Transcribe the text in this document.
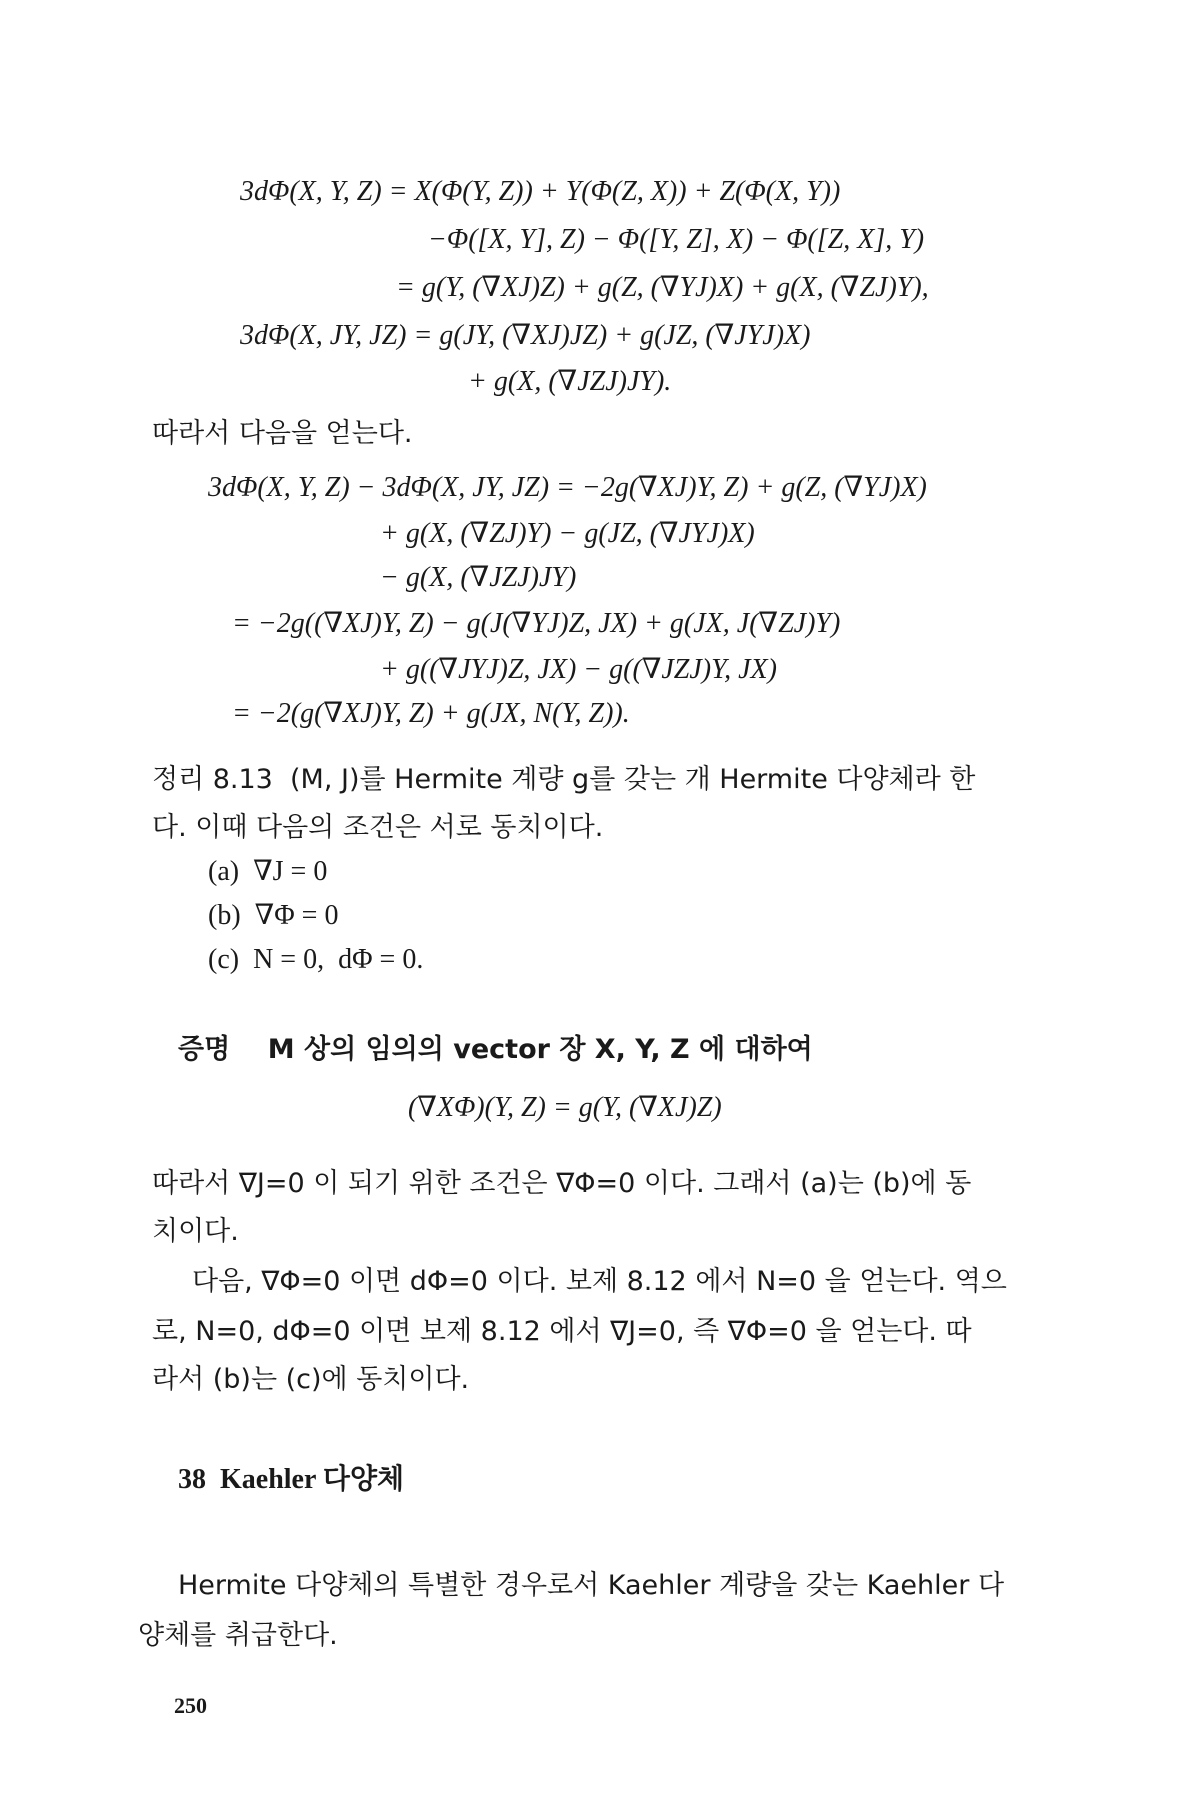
3dΦ(X, Y, Z) = X(Φ(Y, Z)) + Y(Φ(Z, X)) + Z(Φ(X, Y))
−Φ([X, Y], Z) − Φ([Y, Z], X) − Φ([Z, X], Y)
= g(Y, (∇XJ)Z) + g(Z, (∇YJ)X) + g(X, (∇ZJ)Y),
3dΦ(X, JY, JZ) = g(JY, (∇XJ)JZ) + g(JZ, (∇JYJ)X)
+ g(X, (∇JZJ)JY).
따라서 다음을 얻는다.
3dΦ(X, Y, Z) − 3dΦ(X, JY, JZ) = −2g(∇XJ)Y, Z) + g(Z, (∇YJ)X)
+ g(X, (∇ZJ)Y) − g(JZ, (∇JYJ)X)
− g(X, (∇JZJ)JY)
= −2g((∇XJ)Y, Z) − g(J(∇YJ)Z, JX) + g(JX, J(∇ZJ)Y)
+ g((∇JYJ)Z, JX) − g((∇JZJ)Y, JX)
= −2(g(∇XJ)Y, Z) + g(JX, N(Y, Z)).
정리 8.13  (M, J)를 Hermite 계량 g를 갖는 개 Hermite 다양체라 한
다. 이때 다음의 조건은 서로 동치이다.
(a)  ∇J = 0
(b)  ∇Φ = 0
(c)  N = 0,  dΦ = 0.
증명    M 상의 임의의 vector 장 X, Y, Z 에 대하여
(∇XΦ)(Y, Z) = g(Y, (∇XJ)Z)
따라서 ∇J=0 이 되기 위한 조건은 ∇Φ=0 이다. 그래서 (a)는 (b)에 동
치이다.
다음, ∇Φ=0 이면 dΦ=0 이다. 보제 8.12 에서 N=0 을 얻는다. 역으
로, N=0, dΦ=0 이면 보제 8.12 에서 ∇J=0, 즉 ∇Φ=0 을 얻는다. 따
라서 (b)는 (c)에 동치이다.
38  Kaehler 다양체
Hermite 다양체의 특별한 경우로서 Kaehler 계량을 갖는 Kaehler 다
양체를 취급한다.
250
